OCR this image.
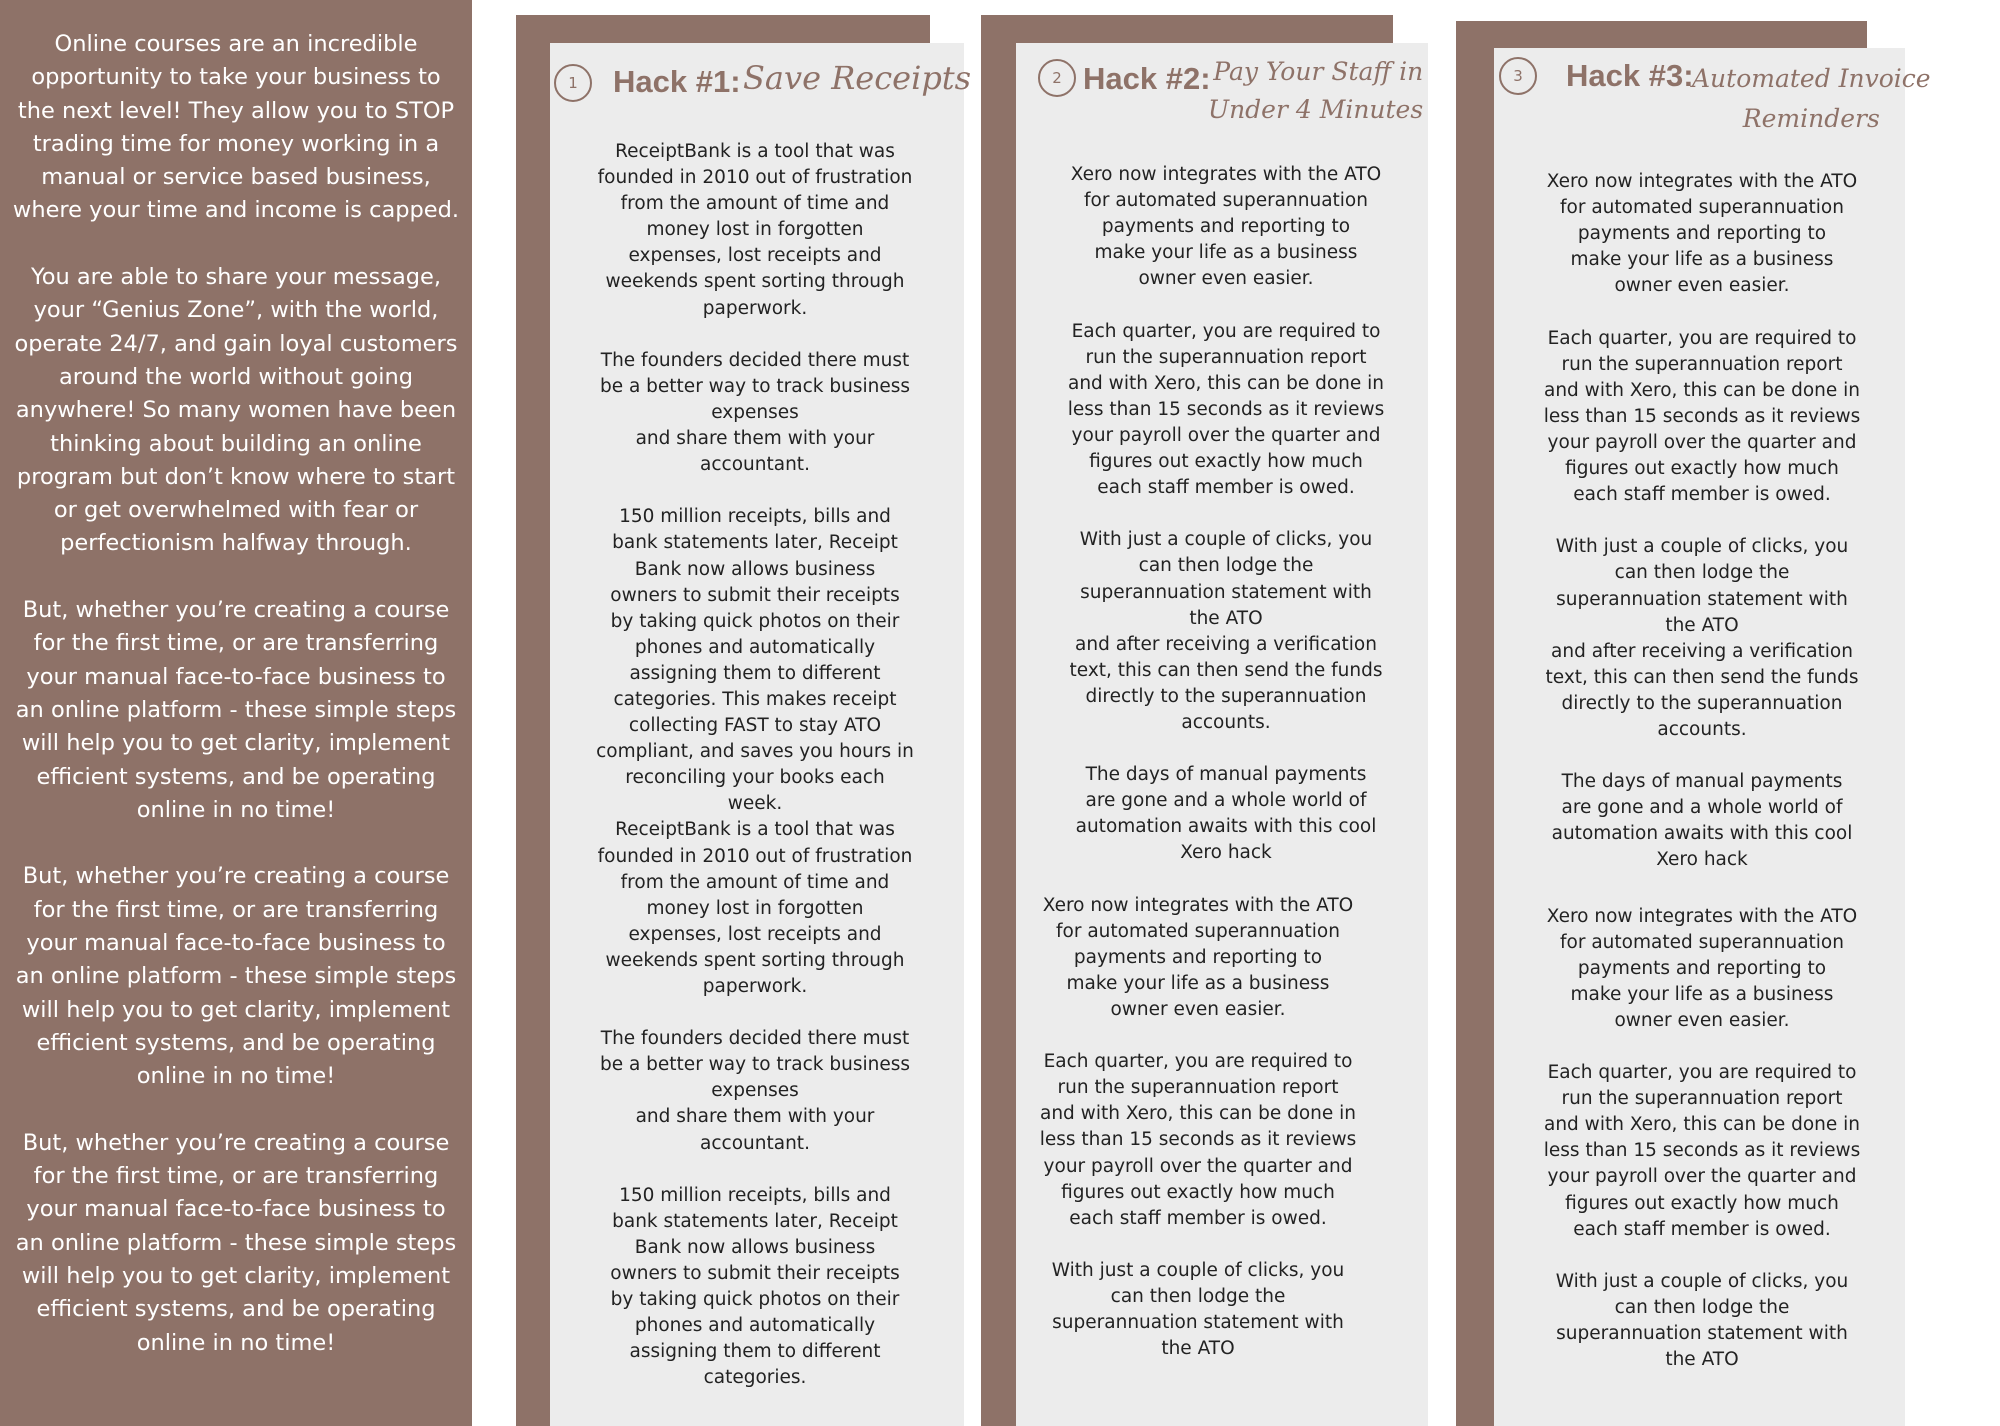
Online courses are an incredible opportunity to take your business to the next level! They allow you to STOP trading time for money working in a manual or service based business, where your time and income is capped.

You are able to share your message, your “Genius Zone”, with the world, operate 24/7, and gain loyal customers around the world without going anywhere! So many women have been thinking about building an online program but don’t know where to start or get overwhelmed with fear or perfectionism halfway through.

But, whether you’re creating a course for the first time, or are transferring your manual face-to-face business to an online platform - these simple steps will help you to get clarity, implement efficient systems, and be operating online in no time!

But, whether you’re creating a course for the first time, or are transferring your manual face-to-face business to an online platform - these simple steps will help you to get clarity, implement efficient systems, and be operating online in no time!

But, whether you’re creating a course for the first time, or are transferring your manual face-to-face business to an online platform - these simple steps will help you to get clarity, implement efficient systems, and be operating online in no time!

1	Hack #1: Save Receipts

ReceiptBank is a tool that was
founded in 2010 out of frustration
from the amount of time and
money lost in forgotten
expenses, lost receipts and
weekends spent sorting through
paperwork.

The founders decided there must
be a better way to track business
expenses
and share them with your
accountant.

150 million receipts, bills and
bank statements later, Receipt
Bank now allows business
owners to submit their receipts
by taking quick photos on their
phones and automatically
assigning them to different
categories. This makes receipt
collecting FAST to stay ATO
compliant, and saves you hours in
reconciling your books each
week.

ReceiptBank is a tool that was
founded in 2010 out of frustration
from the amount of time and
money lost in forgotten
expenses, lost receipts and
weekends spent sorting through
paperwork.

The founders decided there must
be a better way to track business
expenses
and share them with your
accountant.

150 million receipts, bills and
bank statements later, Receipt
Bank now allows business
owners to submit their receipts
by taking quick photos on their
phones and automatically
assigning them to different
categories.

2 Hack #2: Pay Your Staff in
Under 4 Minutes

Xero now integrates with the ATO
for automated superannuation
payments and reporting to
make your life as a business
owner even easier.

Each quarter, you are required to
run the superannuation report
and with Xero, this can be done in
less than 15 seconds as it reviews
your payroll over the quarter and
figures out exactly how much
each staff member is owed.

With just a couple of clicks, you
can then lodge the
superannuation statement with
the ATO
and after receiving a verification
text, this can then send the funds
directly to the superannuation
accounts.

The days of manual payments
are gone and a whole world of
automation awaits with this cool
Xero hack

Xero now integrates with the ATO
for automated superannuation
payments and reporting to
make your life as a business
owner even easier.

Each quarter, you are required to
run the superannuation report
and with Xero, this can be done in
less than 15 seconds as it reviews
your payroll over the quarter and
figures out exactly how much
each staff member is owed.

With just a couple of clicks, you
can then lodge the
superannuation statement with
the ATO

3	Hack #3:
Automated Invoice
Reminders

Xero now integrates with the ATO
for automated superannuation
payments and reporting to
make your life as a business
owner even easier.

Each quarter, you are required to
run the superannuation report
and with Xero, this can be done in
less than 15 seconds as it reviews
your payroll over the quarter and
figures out exactly how much
each staff member is owed.

With just a couple of clicks, you
can then lodge the
superannuation statement with
the ATO
and after receiving a verification
text, this can then send the funds
directly to the superannuation
accounts.

The days of manual payments
are gone and a whole world of
automation awaits with this cool
Xero hack

Xero now integrates with the ATO
for automated superannuation
payments and reporting to
make your life as a business
owner even easier.

Each quarter, you are required to
run the superannuation report
and with Xero, this can be done in
less than 15 seconds as it reviews
your payroll over the quarter and
figures out exactly how much
each staff member is owed.

With just a couple of clicks, you
can then lodge the
superannuation statement with
the ATO
